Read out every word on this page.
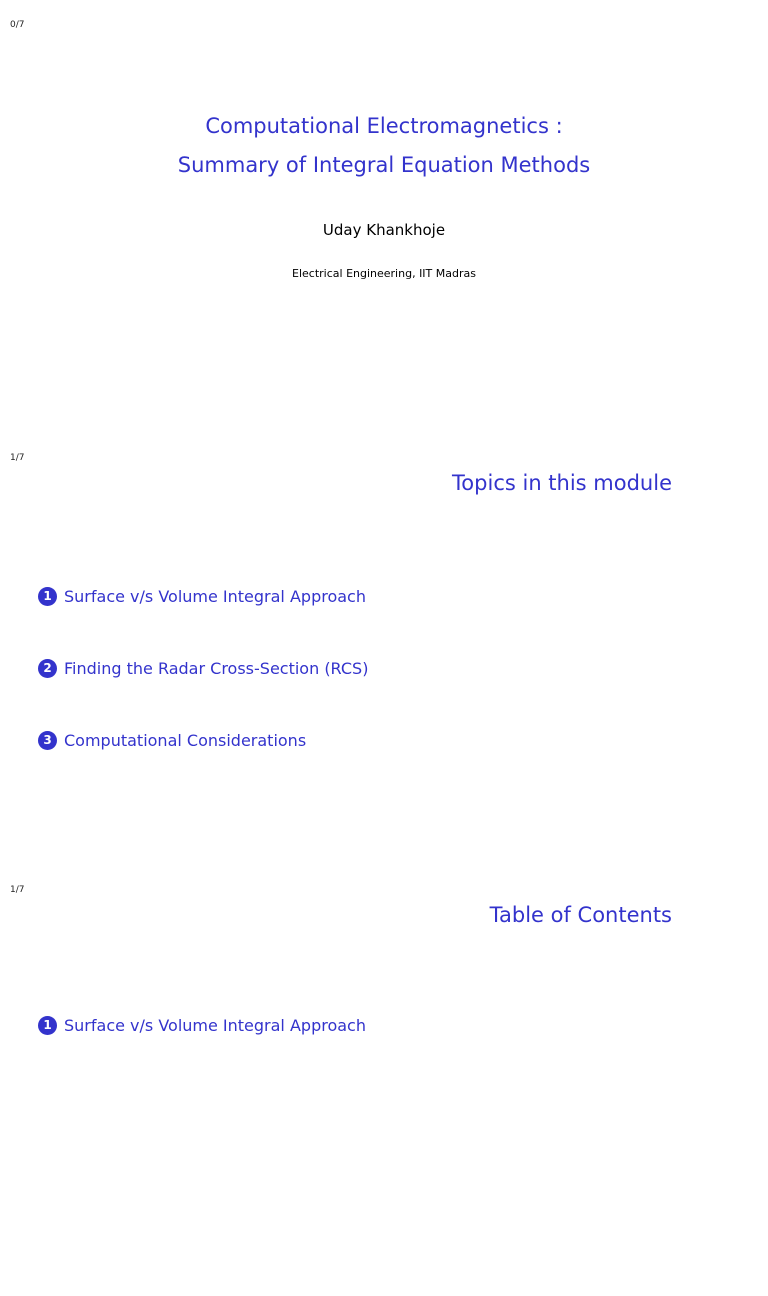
0/7
Computational Electromagnetics :
Summary of Integral Equation Methods
Uday Khankhoje
Electrical Engineering, IIT Madras
1/7
Topics in this module
1 Surface v/s Volume Integral Approach
2 Finding the Radar Cross-Section (RCS)
3 Computational Considerations
1/7
Table of Contents
1 Surface v/s Volume Integral Approach
